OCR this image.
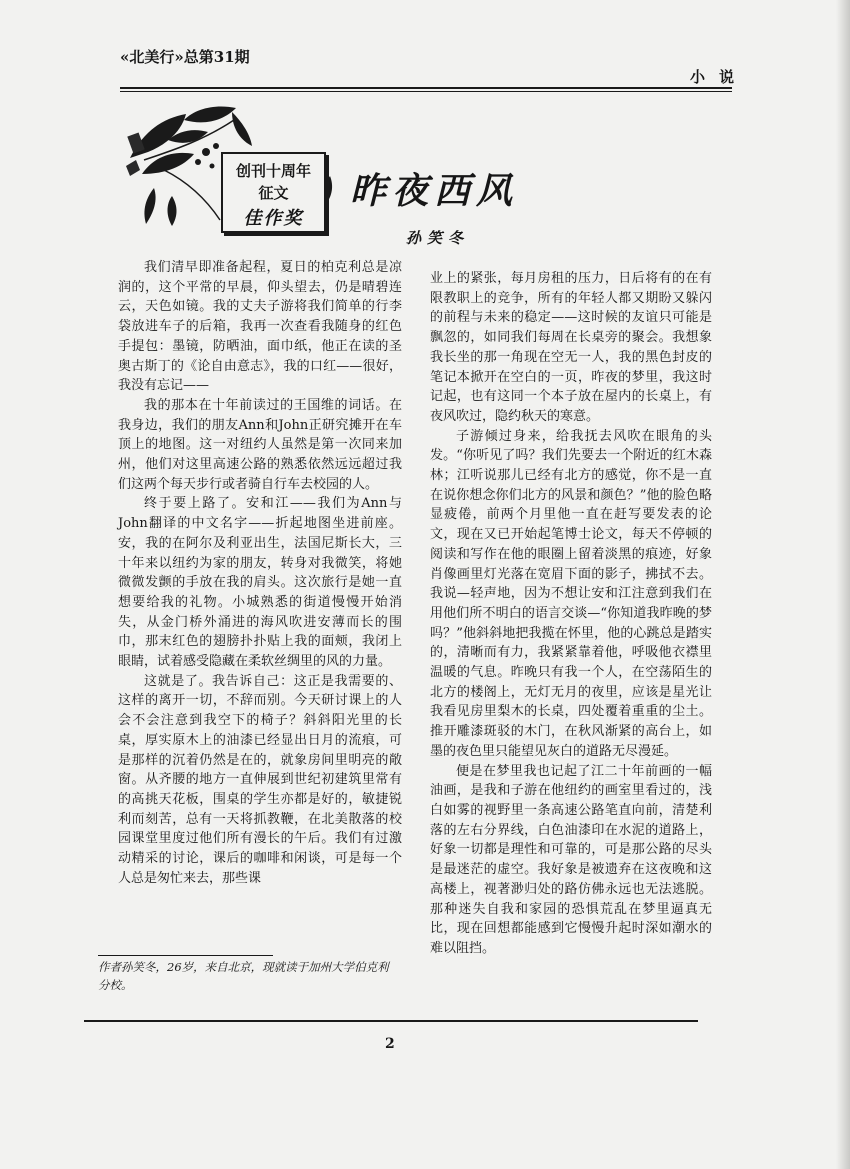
«北美行»总第31期
小说
创刊十周年
征文
佳作奖
昨夜西风
孙笑冬

我们清早即准备起程，夏日的柏克利总是凉润的，这个平常的早晨，仰头望去，仍是晴碧连云，天色如镜。我的丈夫子游将我们简单的行李袋放进车子的后箱，我再一次查看我随身的红色手提包：墨镜，防晒油，面巾纸，他正在读的圣奥古斯丁的《论自由意志》，我的口红——很好，我没有忘记——

我的那本在十年前读过的王国维的词话。在我身边，我们的朋友Ann和John正研究摊开在车顶上的地图。这一对纽约人虽然是第一次同来加州，他们对这里高速公路的熟悉依然远远超过我们这两个每天步行或者骑自行车去校园的人。

终于要上路了。安和江——我们为Ann与John翻译的中文名字——折起地图坐进前座。安，我的在阿尔及利亚出生，法国尼斯长大，三十年来以纽约为家的朋友，转身对我微笑，将她微微发颤的手放在我的肩头。这次旅行是她一直想要给我的礼物。小城熟悉的街道慢慢开始消失，从金门桥外涌进的海风吹进安薄而长的围巾，那末红色的翅膀扑扑贴上我的面颊，我闭上眼睛，试着感受隐藏在柔软丝绸里的风的力量。

这就是了。我告诉自己：这正是我需要的、这样的离开一切，不辞而别。今天研讨课上的人会不会注意到我空下的椅子？斜斜阳光里的长桌，厚实原木上的油漆已经显出日月的流痕，可是那样的沉着仍然是在的，就象房间里明亮的敞窗。从齐腰的地方一直伸展到世纪初建筑里常有的高挑天花板，围桌的学生亦都是好的，敏捷锐利而刻苦，总有一天将抓教鞭，在北美散落的校园课堂里度过他们所有漫长的午后。我们有过激动精采的讨论，课后的咖啡和闲谈，可是每一个人总是匆忙来去，那些课

业上的紧张，每月房租的压力，日后将有的在有限教职上的竞争，所有的年轻人都又期盼又躲闪的前程与未来的稳定——这时候的友谊只可能是飘忽的，如同我们每周在长桌旁的聚会。我想象我长坐的那一角现在空无一人，我的黑色封皮的笔记本掀开在空白的一页，昨夜的梦里，我这时记起，也有这同一个本子放在屋内的长桌上，有夜风吹过，隐约秋天的寒意。

子游倾过身来，给我抚去风吹在眼角的头发。“你听见了吗？我们先要去一个附近的红木森林；江听说那儿已经有北方的感觉，你不是一直在说你想念你们北方的风景和颜色？”他的脸色略显疲倦，前两个月里他一直在赶写要发表的论文，现在又已开始起笔博士论文，每天不停顿的阅读和写作在他的眼圈上留着淡黑的痕迹，好象肖像画里灯光落在宽眉下面的影子，拂拭不去。我说—轻声地，因为不想让安和江注意到我们在用他们所不明白的语言交谈—“你知道我昨晚的梦吗？”他斜斜地把我揽在怀里，他的心跳总是踏实的，清晰而有力，我紧紧靠着他，呼吸他衣襟里温暖的气息。昨晚只有我一个人，在空荡陌生的北方的楼阁上，无灯无月的夜里，应该是星光让我看见房里梨木的长桌，四处覆着重重的尘土。推开雕漆斑驳的木门，在秋风渐紧的高台上，如墨的夜色里只能望见灰白的道路无尽漫延。

便是在梦里我也记起了江二十年前画的一幅油画，是我和子游在他纽约的画室里看过的，浅白如雾的视野里一条高速公路笔直向前，清楚利落的左右分界线，白色油漆印在水泥的道路上，好象一切都是理性和可靠的，可是那公路的尽头是最迷茫的虚空。我好象是被遗弃在这夜晚和这高楼上，视著渺归处的路仿佛永远也无法逃脱。那种迷失自我和家园的恐惧荒乱在梦里逼真无比，现在回想都能感到它慢慢升起时深如潮水的难以阻挡。

作者孙笑冬，26岁，来自北京，现就读于加州大学伯克利分校。
2
